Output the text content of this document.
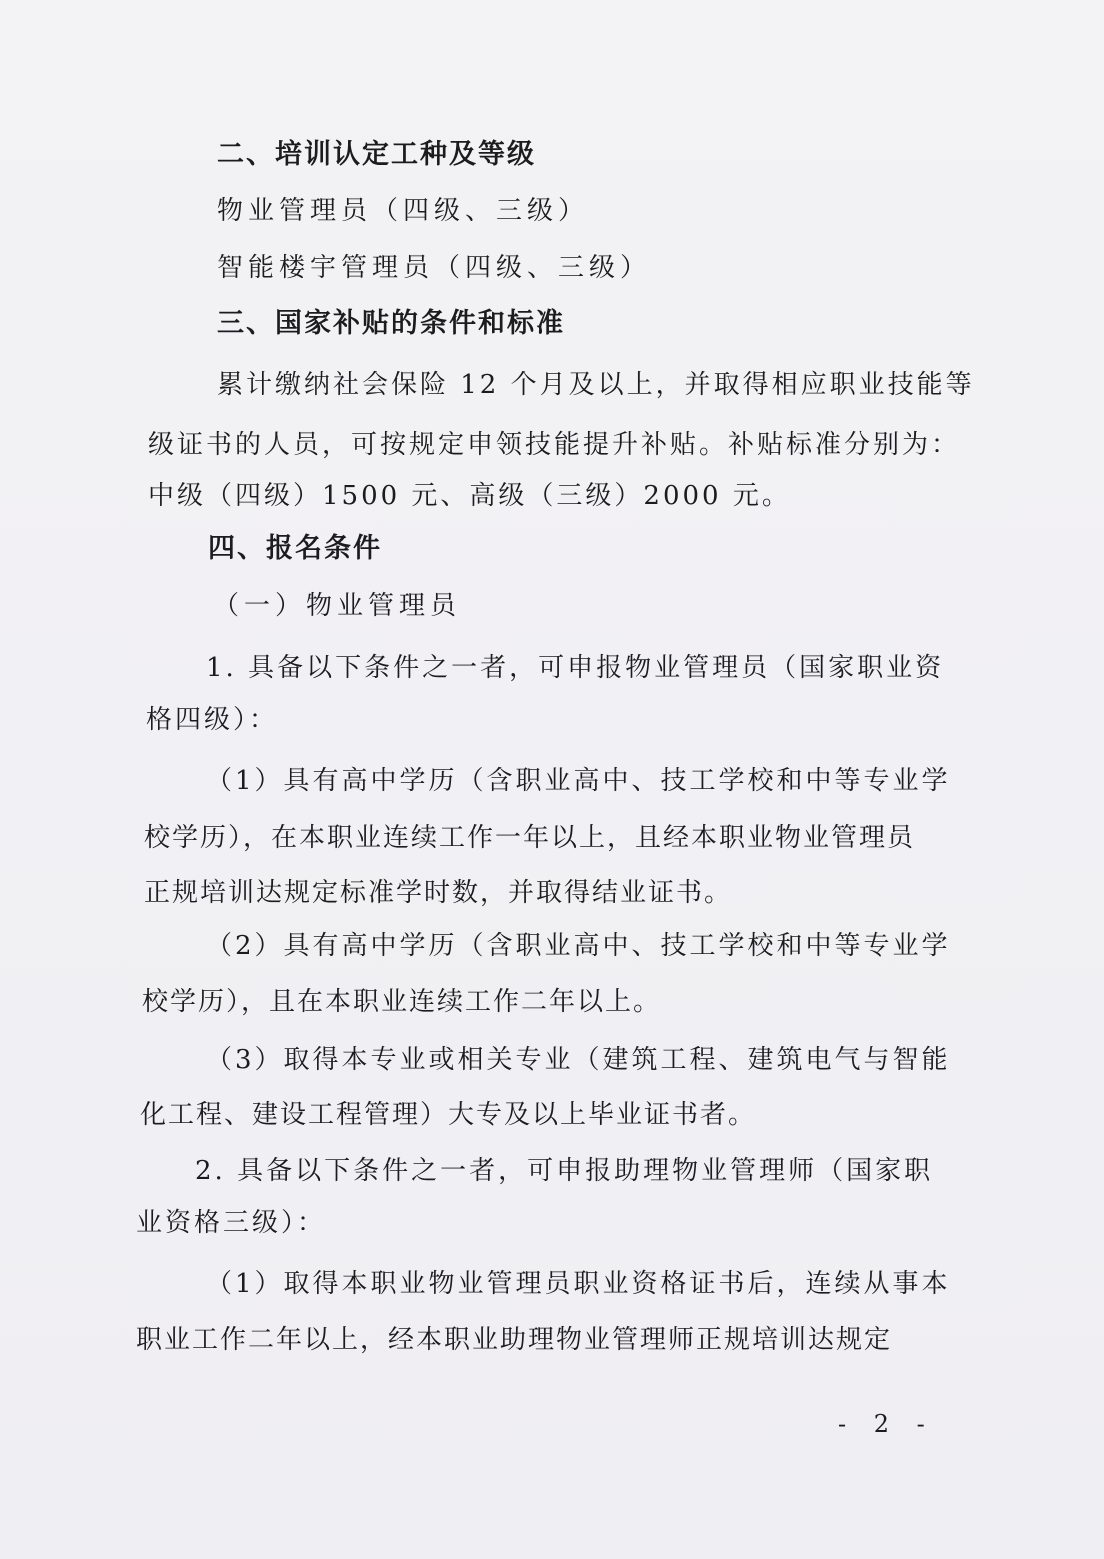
二、培训认定工种及等级
物业管理员（四级、三级）
智能楼宇管理员（四级、三级）
三、国家补贴的条件和标准
累计缴纳社会保险 12 个月及以上，并取得相应职业技能等
级证书的人员，可按规定申领技能提升补贴。补贴标准分别为：
中级（四级）1500 元、高级（三级）2000 元。
四、报名条件
（一）物业管理员
1. 具备以下条件之一者，可申报物业管理员（国家职业资
格四级）：
（1）具有高中学历（含职业高中、技工学校和中等专业学
校学历），在本职业连续工作一年以上，且经本职业物业管理员
正规培训达规定标准学时数，并取得结业证书。
（2）具有高中学历（含职业高中、技工学校和中等专业学
校学历），且在本职业连续工作二年以上。
（3）取得本专业或相关专业（建筑工程、建筑电气与智能
化工程、建设工程管理）大专及以上毕业证书者。
2. 具备以下条件之一者，可申报助理物业管理师（国家职
业资格三级）：
（1）取得本职业物业管理员职业资格证书后，连续从事本
职业工作二年以上，经本职业助理物业管理师正规培训达规定
- 2 -
